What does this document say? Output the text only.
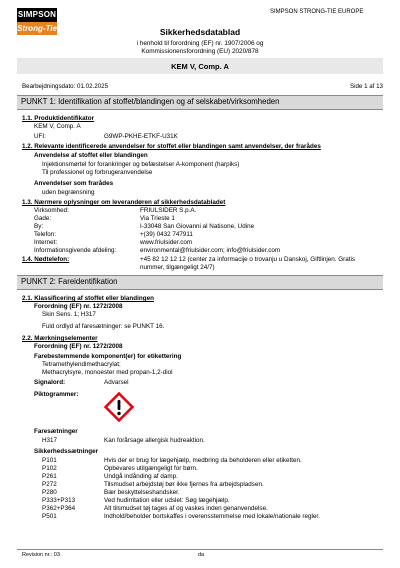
SIMPSON
Strong-Tie
SIMPSON STRONG-TIE EUROPE
Sikkerhedsdatablad
i henhold til forordning (EF) nr. 1907/2006 og
Kommissionensforordning (EU) 2020/878
KEM V, Comp. A
Bearbejdningsdato: 01.02.2025	Side 1 af 13
PUNKT 1: Identifikation af stoffet/blandingen og af selskabet/virksomheden
1.1. Produktidentifikator
KEM V, Comp. A
UFI:	G9WP-PKHE-ETKF-U31K
1.2. Relevante identificerede anvendelser for stoffet eller blandingen samt anvendelser, der frarådes
Anvendelse af stoffet eller blandingen
Injektionsmørtel for forankringer og befæstelser A-komponent (harpiks)
Til professionel og forbrugeranvendelse
Anvendelser som frarådes
uden begrænsning
1.3. Nærmere oplysninger om leverandøren af sikkerhedsdatabladet
Virksomhed:	FRIULSIDER S.p.A.
Gade:	Via Trieste 1
By:	I-33048 San Giovanni al Natisone, Udine
Telefon:	+(39) 0432 747911
Internet:	www.friulsider.com
Informationsgivende afdeling:	environmental@friulsider.com; info@friulsider.com
1.4. Nødtelefon:	+45 82 12 12 12 (center za informacije o trovanju u Danskoj, Giftlinjen. Gratis
nummer, tilgængeligt 24/7)
PUNKT 2: Fareidentifikation
2.1. Klassificering af stoffet eller blandingen
Forordning (EF) nr. 1272/2008
Skin Sens. 1; H317
Fuld ordlyd af faresætninger: se PUNKT 16.
2.2. Mærkningselementer
Forordning (EF) nr. 1272/2008
Farebestemmende komponent(er) for etikettering
Tetramethylendimethacrylat;
Methacrylsyre, monoester med propan-1,2-diol
Signalord:	Advarsel
Piktogrammer:
Faresætninger
H317	Kan forårsage allergisk hudreaktion.
Sikkerhedssætninger
P101	Hvis der er brug for lægehjælp, medbring da beholderen eller etiketten.
P102	Opbevares utilgængeligt for børn.
P261	Undgå indånding af damp.
P272	Tilsmudset arbejdstøj bør ikke fjernes fra arbejdspladsen.
P280	Bær beskyttelseshandsker.
P333+P313	Ved hudirritation eller udslet: Søg lægehjælp.
P362+P364	Alt tilsmudset tøj tages af og vaskes inden genanvendelse.
P501	Indhold/beholder bortskaffes i overensstemmelse med lokale/nationale regler.
Revision nr.: 03	da
